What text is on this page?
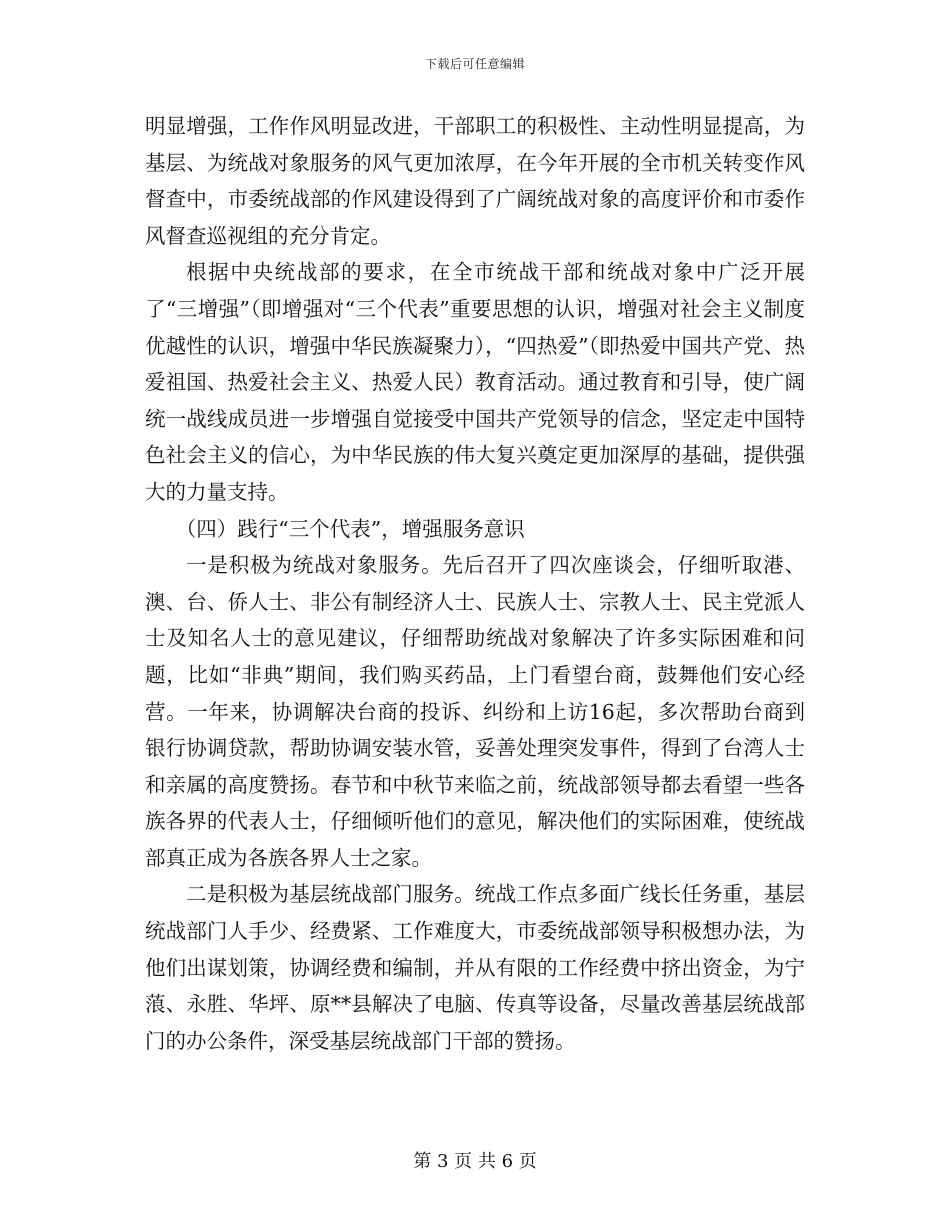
下载后可任意编辑

明显增强，工作作风明显改进，干部职工的积极性、主动性明显提高，为基层、为统战对象服务的风气更加浓厚，在今年开展的全市机关转变作风督查中，市委统战部的作风建设得到了广阔统战对象的高度评价和市委作风督查巡视组的充分肯定。

根据中央统战部的要求，在全市统战干部和统战对象中广泛开展了“三增强”（即增强对“三个代表”重要思想的认识，增强对社会主义制度优越性的认识，增强中华民族凝聚力），“四热爱”（即热爱中国共产党、热爱祖国、热爱社会主义、热爱人民）教育活动。通过教育和引导，使广阔统一战线成员进一步增强自觉接受中国共产党领导的信念，坚定走中国特色社会主义的信心，为中华民族的伟大复兴奠定更加深厚的基础，提供强大的力量支持。

（四）践行“三个代表”，增强服务意识

一是积极为统战对象服务。先后召开了四次座谈会，仔细听取港、澳、台、侨人士、非公有制经济人士、民族人士、宗教人士、民主党派人士及知名人士的意见建议，仔细帮助统战对象解决了许多实际困难和问题，比如“非典”期间，我们购买药品，上门看望台商，鼓舞他们安心经营。一年来，协调解决台商的投诉、纠纷和上访16起，多次帮助台商到银行协调贷款，帮助协调安装水管，妥善处理突发事件，得到了台湾人士和亲属的高度赞扬。春节和中秋节来临之前，统战部领导都去看望一些各族各界的代表人士，仔细倾听他们的意见，解决他们的实际困难，使统战部真正成为各族各界人士之家。

二是积极为基层统战部门服务。统战工作点多面广线长任务重，基层统战部门人手少、经费紧、工作难度大，市委统战部领导积极想办法，为他们出谋划策，协调经费和编制，并从有限的工作经费中挤出资金，为宁蒗、永胜、华坪、原**县解决了电脑、传真等设备，尽量改善基层统战部门的办公条件，深受基层统战部门干部的赞扬。

第 3 页 共 6 页
